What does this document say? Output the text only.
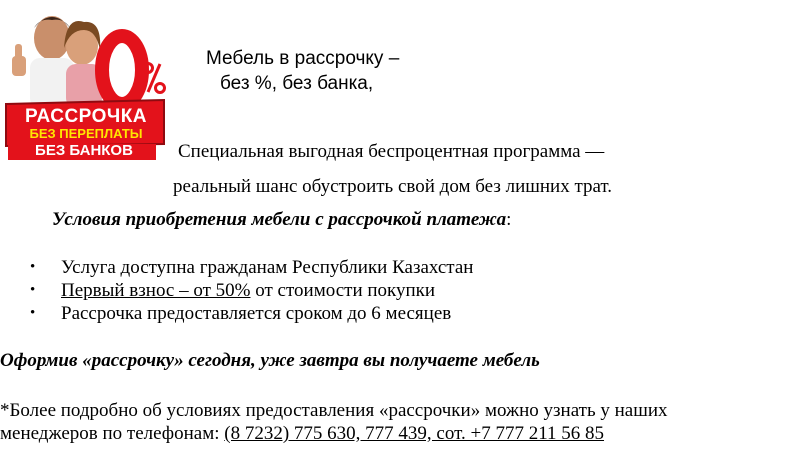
РАССРОЧКА
БЕЗ ПЕРЕПЛАТЫ
БЕЗ БАНКОВ
Мебель в рассрочку –
без %, без банка,
Специальная выгодная беспроцентная программа —
реальный шанс обустроить свой дом без лишних трат.
Условия приобретения мебели с рассрочкой платежа:
• Услуга доступна гражданам Республики Казахстан
• Первый взнос – от 50% от стоимости покупки
• Рассрочка предоставляется сроком до 6 месяцев
Оформив «рассрочку» сегодня, уже завтра вы получаете мебель
*Более подробно об условиях предоставления «рассрочки» можно узнать у наших
менеджеров по телефонам: (8 7232) 775 630, 777 439, сот. +7 777 211 56 85
